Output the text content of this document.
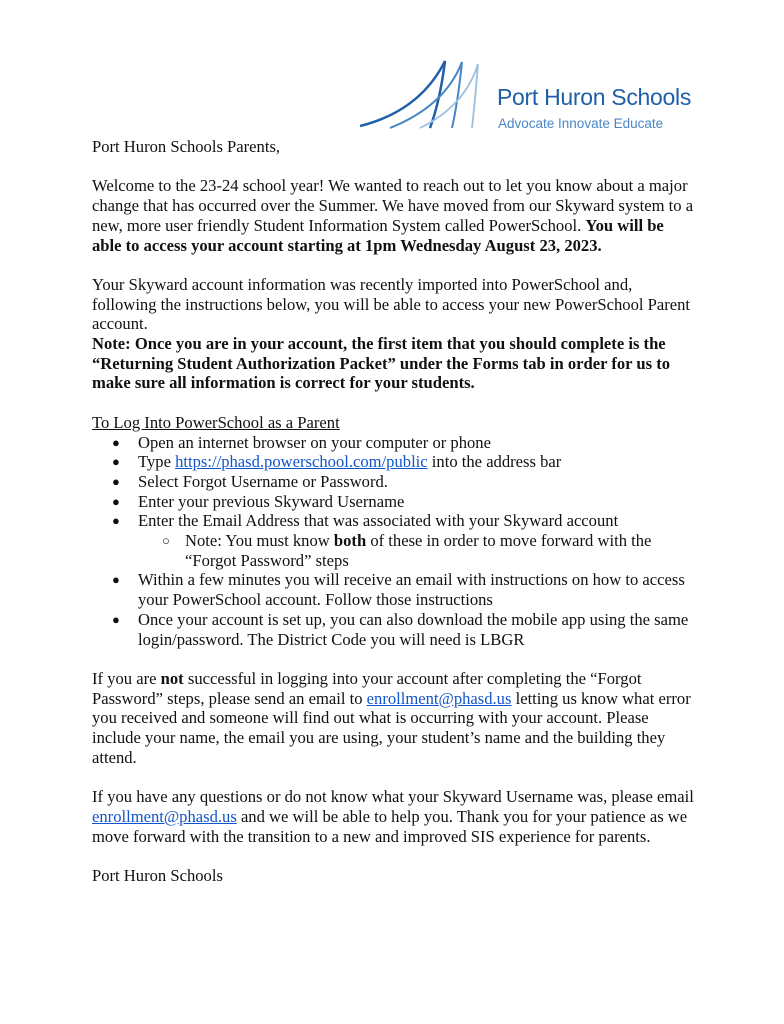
Port Huron Schools
Advocate Innovate Educate

Port Huron Schools Parents,

Welcome to the 23-24 school year! We wanted to reach out to let you know about a major change that has occurred over the Summer. We have moved from our Skyward system to a new, more user friendly Student Information System called PowerSchool. You will be able to access your account starting at 1pm Wednesday August 23, 2023.

Your Skyward account information was recently imported into PowerSchool and, following the instructions below, you will be able to access your new PowerSchool Parent account.
Note: Once you are in your account, the first item that you should complete is the “Returning Student Authorization Packet” under the Forms tab in order for us to make sure all information is correct for your students.

To Log Into PowerSchool as a Parent
● Open an internet browser on your computer or phone
● Type https://phasd.powerschool.com/public into the address bar
● Select Forgot Username or Password.
● Enter your previous Skyward Username
● Enter the Email Address that was associated with your Skyward account
○ Note: You must know both of these in order to move forward with the “Forgot Password” steps
● Within a few minutes you will receive an email with instructions on how to access your PowerSchool account. Follow those instructions
● Once your account is set up, you can also download the mobile app using the same login/password. The District Code you will need is LBGR

If you are not successful in logging into your account after completing the “Forgot Password” steps, please send an email to enrollment@phasd.us letting us know what error you received and someone will find out what is occurring with your account. Please include your name, the email you are using, your student’s name and the building they attend.

If you have any questions or do not know what your Skyward Username was, please email enrollment@phasd.us and we will be able to help you. Thank you for your patience as we move forward with the transition to a new and improved SIS experience for parents.

Port Huron Schools
